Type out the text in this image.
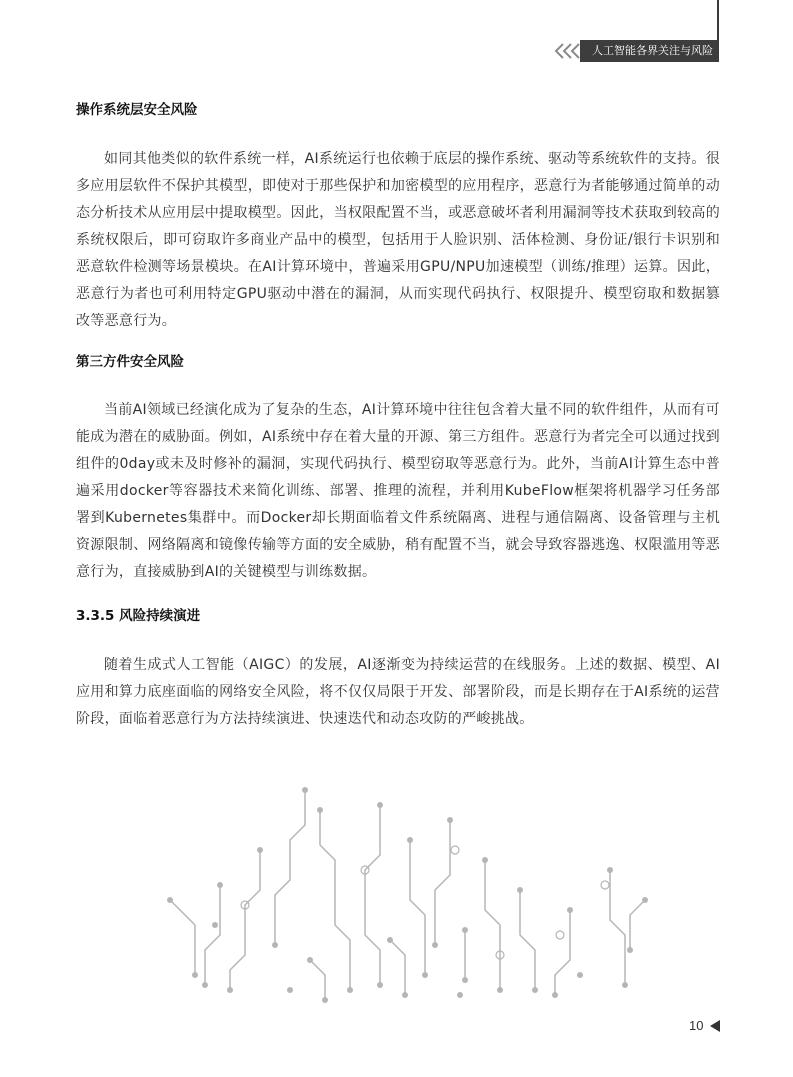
人工智能各界关注与风险
操作系统层安全风险

如同其他类似的软件系统一样，AI系统运行也依赖于底层的操作系统、驱动等系统软件的支持。很多应用层软件不保护其模型，即使对于那些保护和加密模型的应用程序，恶意行为者能够通过简单的动态分析技术从应用层中提取模型。因此，当权限配置不当，或恶意破坏者利用漏洞等技术获取到较高的系统权限后，即可窃取许多商业产品中的模型，包括用于人脸识别、活体检测、身份证/银行卡识别和恶意软件检测等场景模块。在AI计算环境中，普遍采用GPU/NPU加速模型（训练/推理）运算。因此，恶意行为者也可利用特定GPU驱动中潜在的漏洞，从而实现代码执行、权限提升、模型窃取和数据篡改等恶意行为。

第三方件安全风险

当前AI领域已经演化成为了复杂的生态，AI计算环境中往往包含着大量不同的软件组件，从而有可能成为潜在的威胁面。例如，AI系统中存在着大量的开源、第三方组件。恶意行为者完全可以通过找到组件的0day或未及时修补的漏洞，实现代码执行、模型窃取等恶意行为。此外，当前AI计算生态中普遍采用docker等容器技术来简化训练、部署、推理的流程，并利用KubeFlow框架将机器学习任务部署到Kubernetes集群中。而Docker却长期面临着文件系统隔离、进程与通信隔离、设备管理与主机资源限制、网络隔离和镜像传输等方面的安全威胁，稍有配置不当，就会导致容器逃逸、权限滥用等恶意行为，直接威胁到AI的关键模型与训练数据。

3.3.5 风险持续演进

随着生成式人工智能（AIGC）的发展，AI逐渐变为持续运营的在线服务。上述的数据、模型、AI应用和算力底座面临的网络安全风险，将不仅仅局限于开发、部署阶段，而是长期存在于AI系统的运营阶段，面临着恶意行为方法持续演进、快速迭代和动态攻防的严峻挑战。

10
